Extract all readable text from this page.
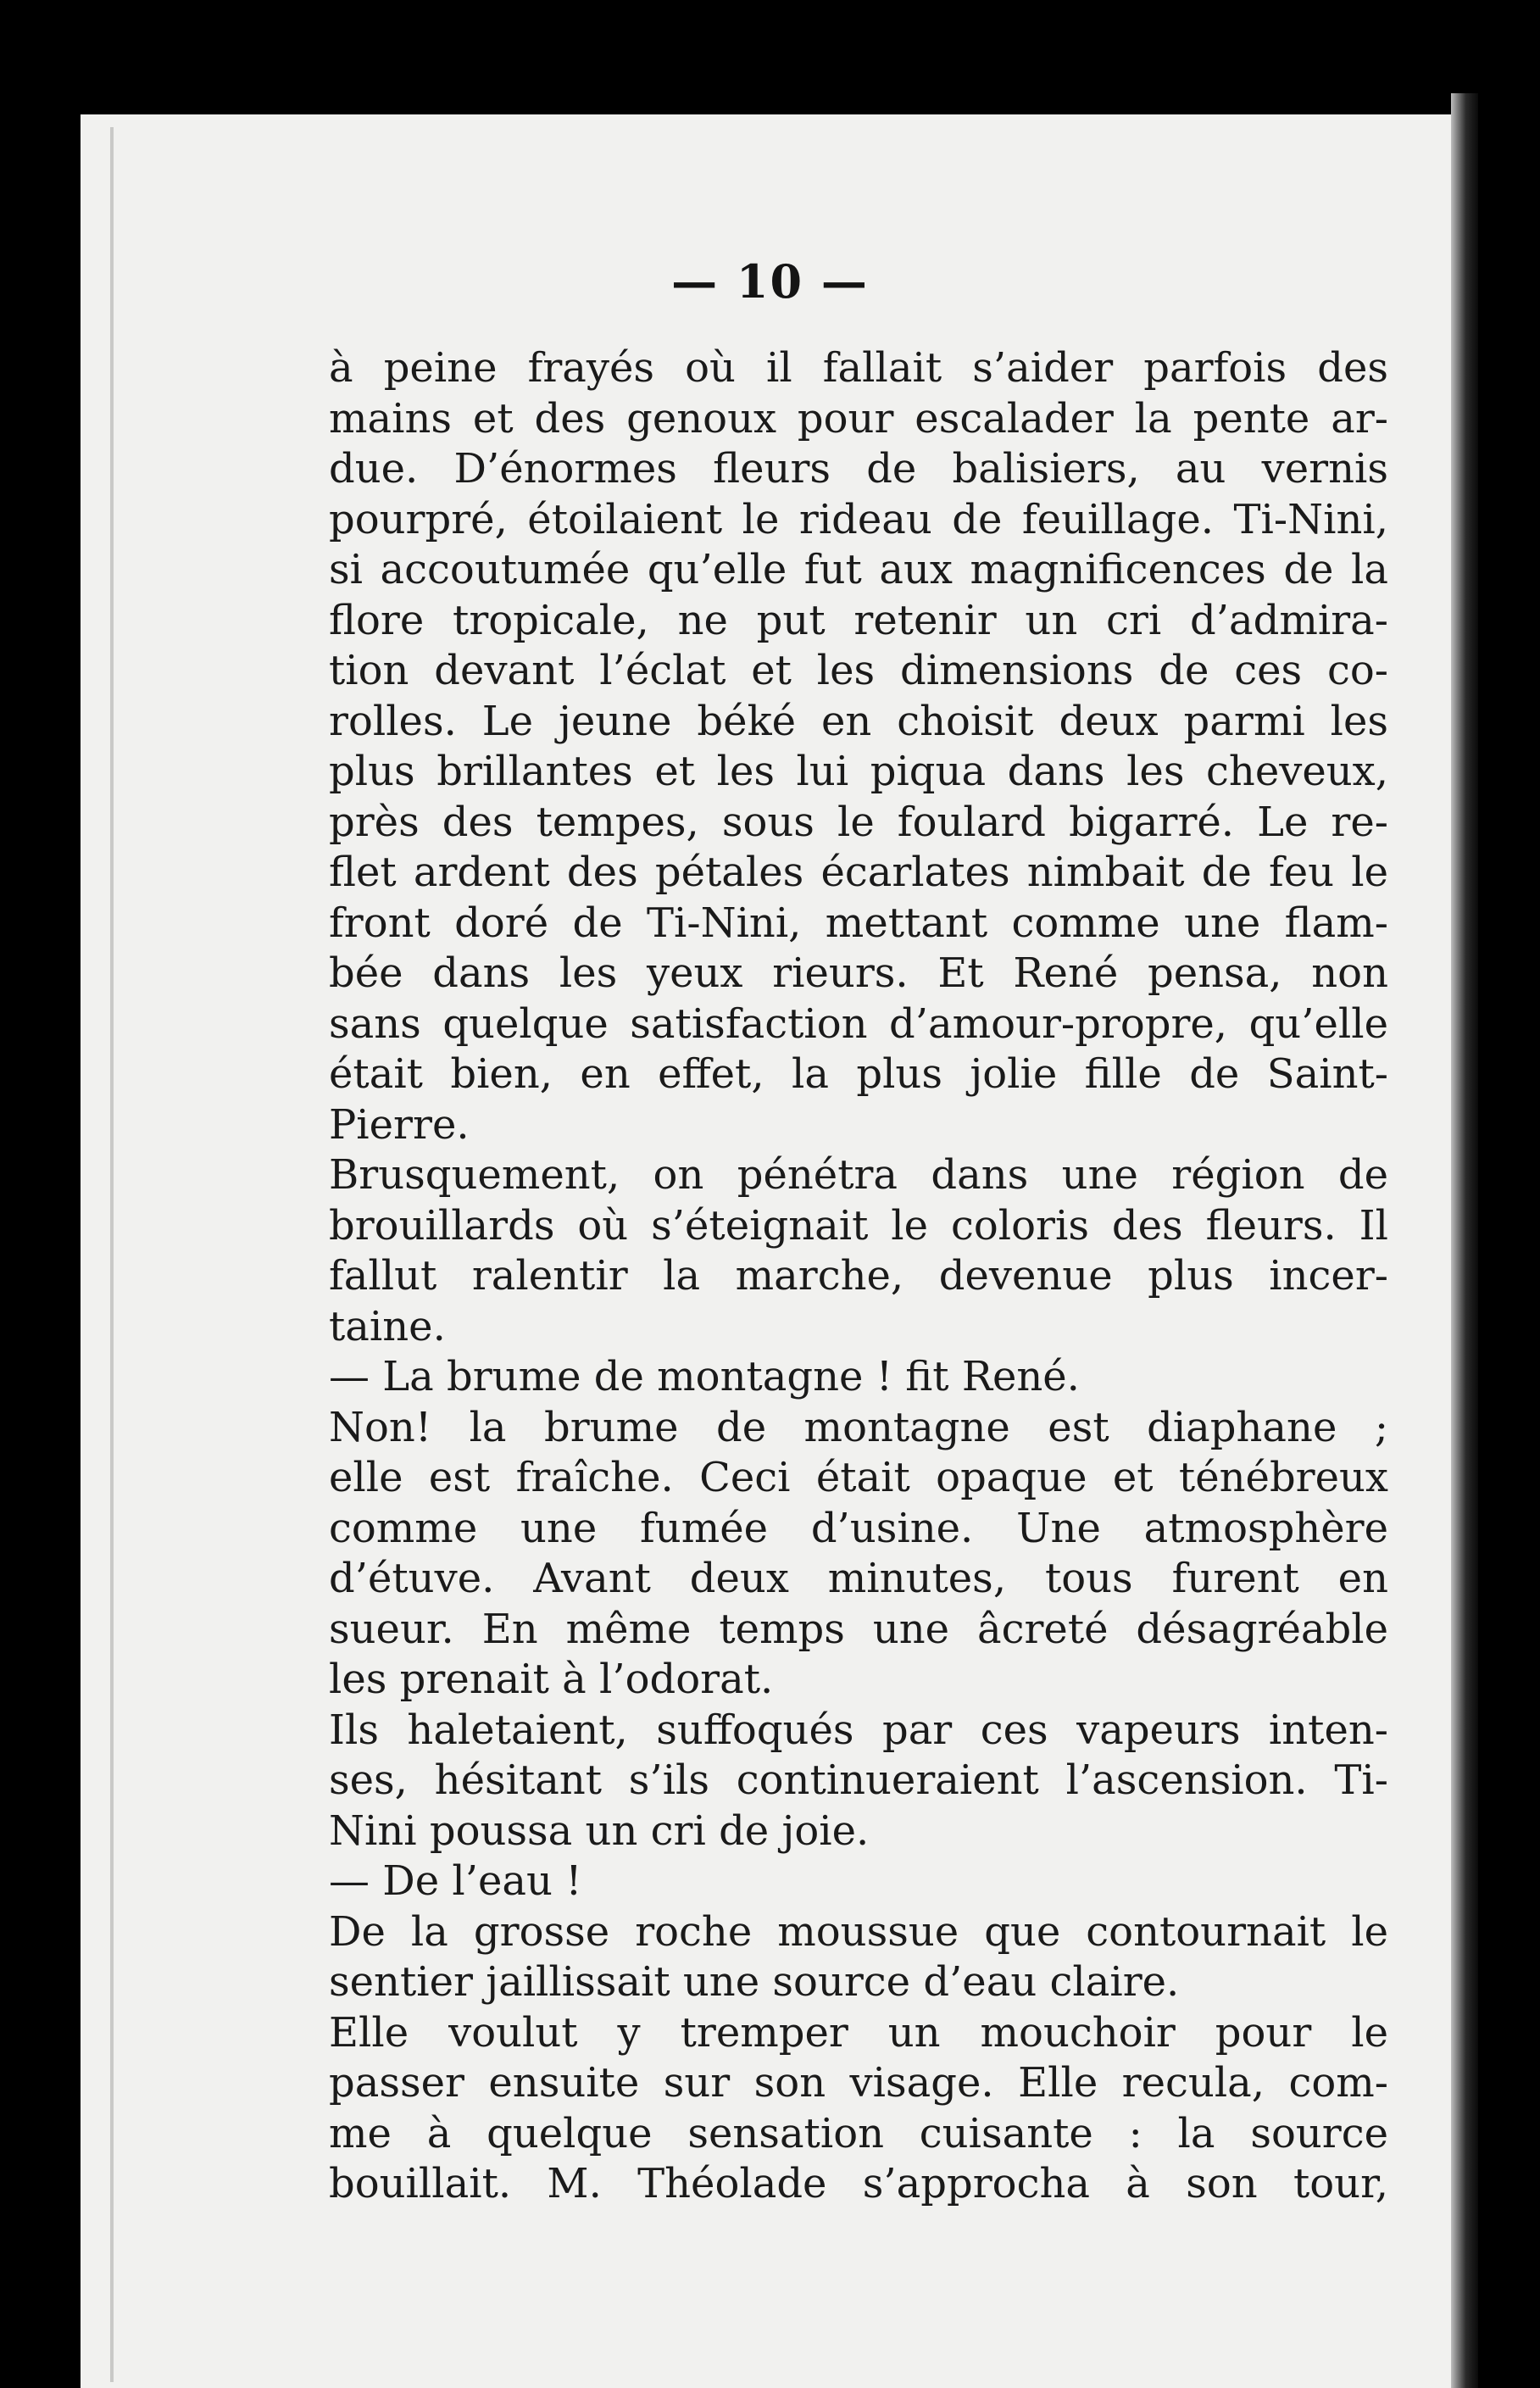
— 10 —
à peine frayés où il fallait s’aider parfois des
mains et des genoux pour escalader la pente ar-
due. D’énormes fleurs de balisiers, au vernis
pourpré, étoilaient le rideau de feuillage. Ti-Nini,
si accoutumée qu’elle fut aux magnificences de la
flore tropicale, ne put retenir un cri d’admira-
tion devant l’éclat et les dimensions de ces co-
rolles. Le jeune béké en choisit deux parmi les
plus brillantes et les lui piqua dans les cheveux,
près des tempes, sous le foulard bigarré. Le re-
flet ardent des pétales écarlates nimbait de feu le
front doré de Ti-Nini, mettant comme une flam-
bée dans les yeux rieurs. Et René pensa, non
sans quelque satisfaction d’amour-propre, qu’elle
était bien, en effet, la plus jolie fille de Saint-
Pierre.
Brusquement, on pénétra dans une région de
brouillards où s’éteignait le coloris des fleurs. Il
fallut ralentir la marche, devenue plus incer-
taine.
— La brume de montagne ! fit René.
Non! la brume de montagne est diaphane ;
elle est fraîche. Ceci était opaque et ténébreux
comme une fumée d’usine. Une atmosphère
d’étuve. Avant deux minutes, tous furent en
sueur. En même temps une âcreté désagréable
les prenait à l’odorat.
Ils haletaient, suffoqués par ces vapeurs inten-
ses, hésitant s’ils continueraient l’ascension. Ti-
Nini poussa un cri de joie.
— De l’eau !
De la grosse roche moussue que contournait le
sentier jaillissait une source d’eau claire.
Elle voulut y tremper un mouchoir pour le
passer ensuite sur son visage. Elle recula, com-
me à quelque sensation cuisante : la source
bouillait. M. Théolade s’approcha à son tour,
